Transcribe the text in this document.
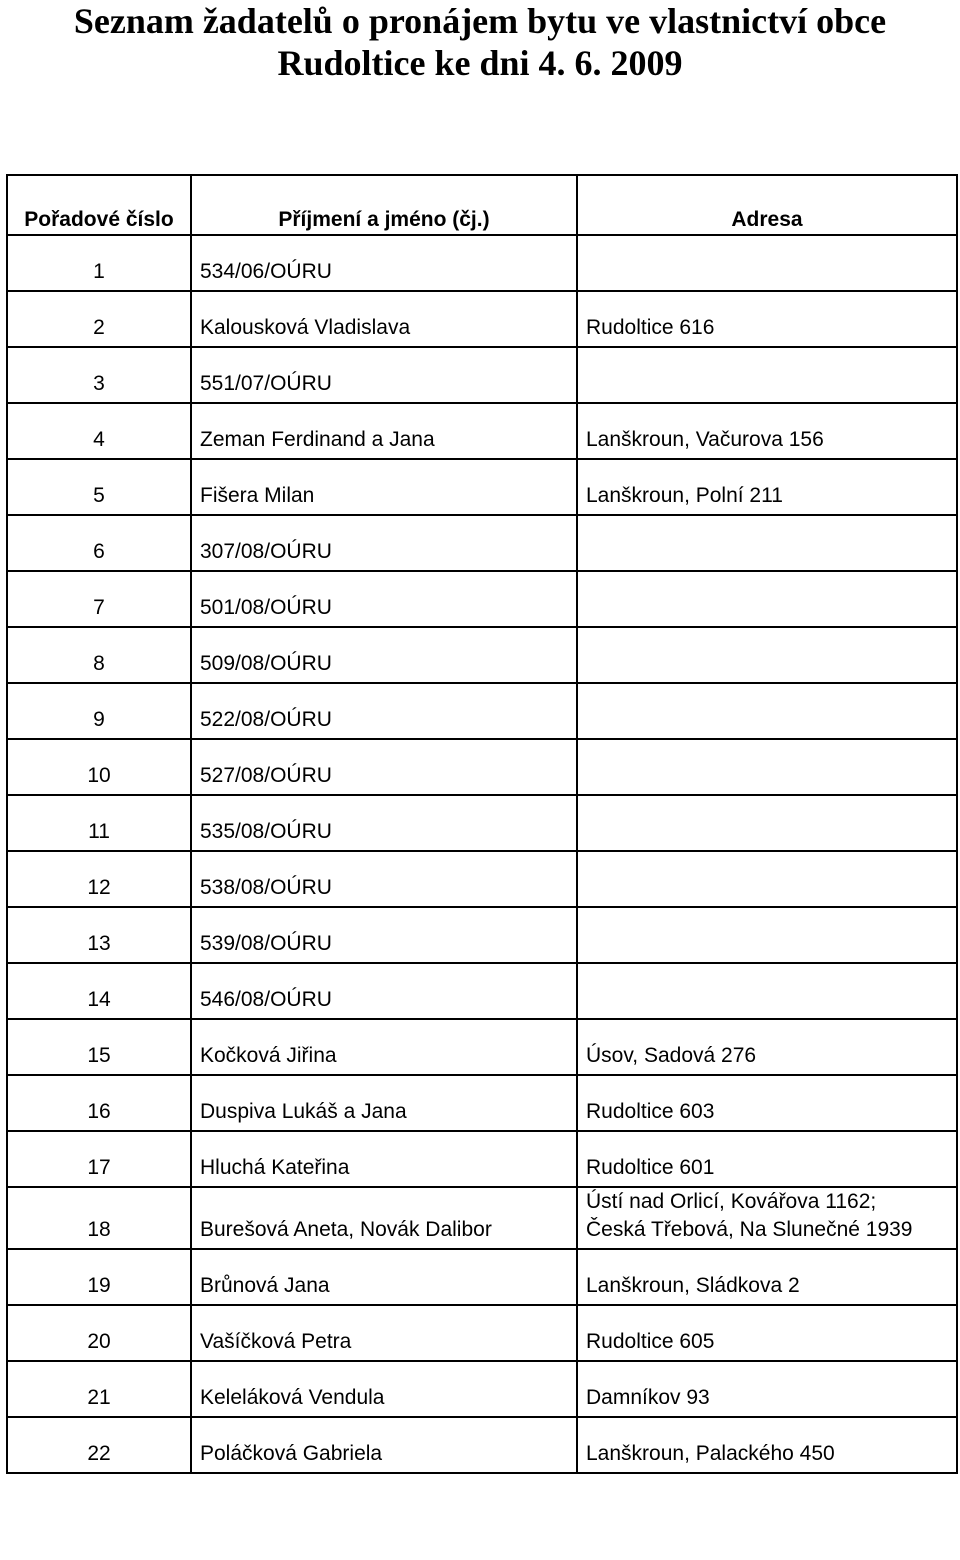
Seznam žadatelů o pronájem bytu ve vlastnictví obce
Rudoltice ke dni 4. 6. 2009
Pořadové číslo	Příjmení a jméno (čj.)	Adresa
1	534/06/OÚRU	
2	Kalousková Vladislava	Rudoltice 616
3	551/07/OÚRU	
4	Zeman Ferdinand a Jana	Lanškroun, Vačurova 156
5	Fišera Milan	Lanškroun, Polní 211
6	307/08/OÚRU	
7	501/08/OÚRU	
8	509/08/OÚRU	
9	522/08/OÚRU	
10	527/08/OÚRU	
11	535/08/OÚRU	
12	538/08/OÚRU	
13	539/08/OÚRU	
14	546/08/OÚRU	
15	Kočková Jiřina	Úsov, Sadová 276
16	Duspiva Lukáš a Jana	Rudoltice 603
17	Hluchá Kateřina	Rudoltice 601
18	Burešová Aneta, Novák Dalibor	Ústí nad Orlicí, Kovářova 1162;
Česká Třebová, Na Slunečné 1939
19	Brůnová Jana	Lanškroun, Sládkova 2
20	Vašíčková Petra	Rudoltice 605
21	Keleláková Vendula	Damníkov 93
22	Poláčková Gabriela	Lanškroun, Palackého 450
